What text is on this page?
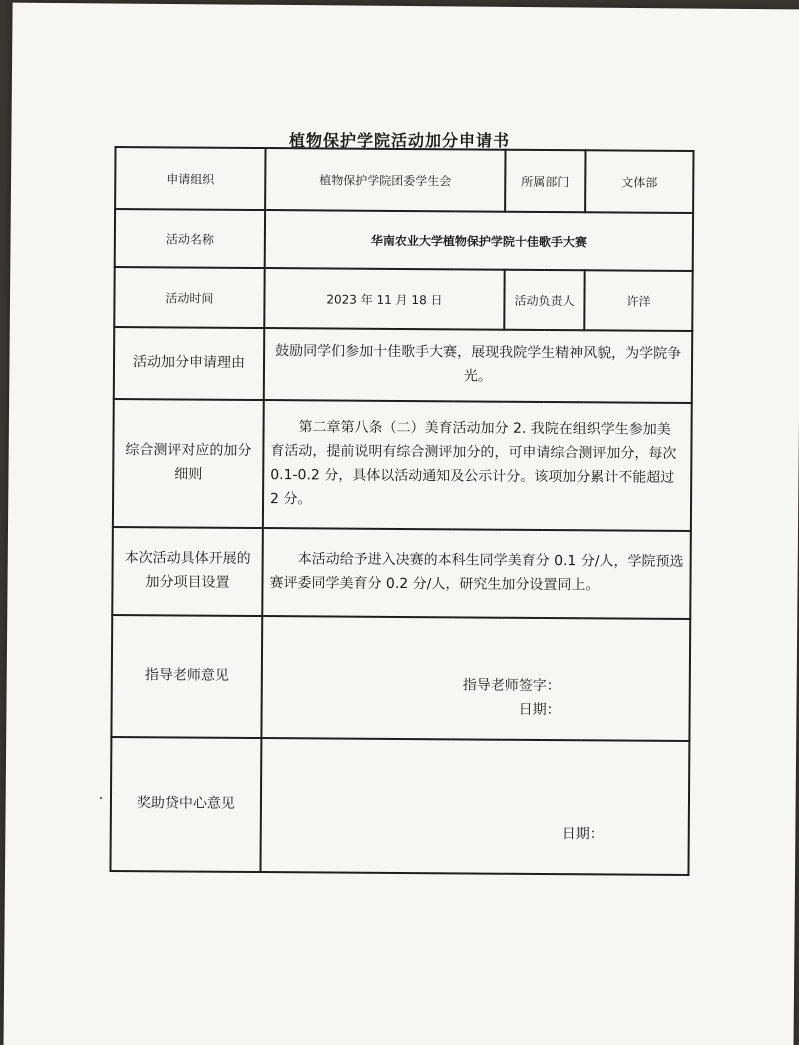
植物保护学院活动加分申请书
申请组织	植物保护学院团委学生会	所属部门	文体部
活动名称	华南农业大学植物保护学院十佳歌手大赛		
活动时间	2023 年 11 月 18 日	活动负责人	许洋
活动加分申请理由	鼓励同学们参加十佳歌手大赛，展现我院学生精神风貌，为学院争光。		
综合测评对应的加分细则	第二章第八条（二）美育活动加分 2. 我院在组织学生参加美育活动，提前说明有综合测评加分的，可申请综合测评加分，每次 0.1-0.2 分，具体以活动通知及公示计分。该项加分累计不能超过 2 分。		
本次活动具体开展的加分项目设置	本活动给予进入决赛的本科生同学美育分 0.1 分/人，学院预选赛评委同学美育分 0.2 分/人，研究生加分设置同上。		
指导老师意见	指导老师签字：
日期：		

奖助贷中心意见	日期：		
